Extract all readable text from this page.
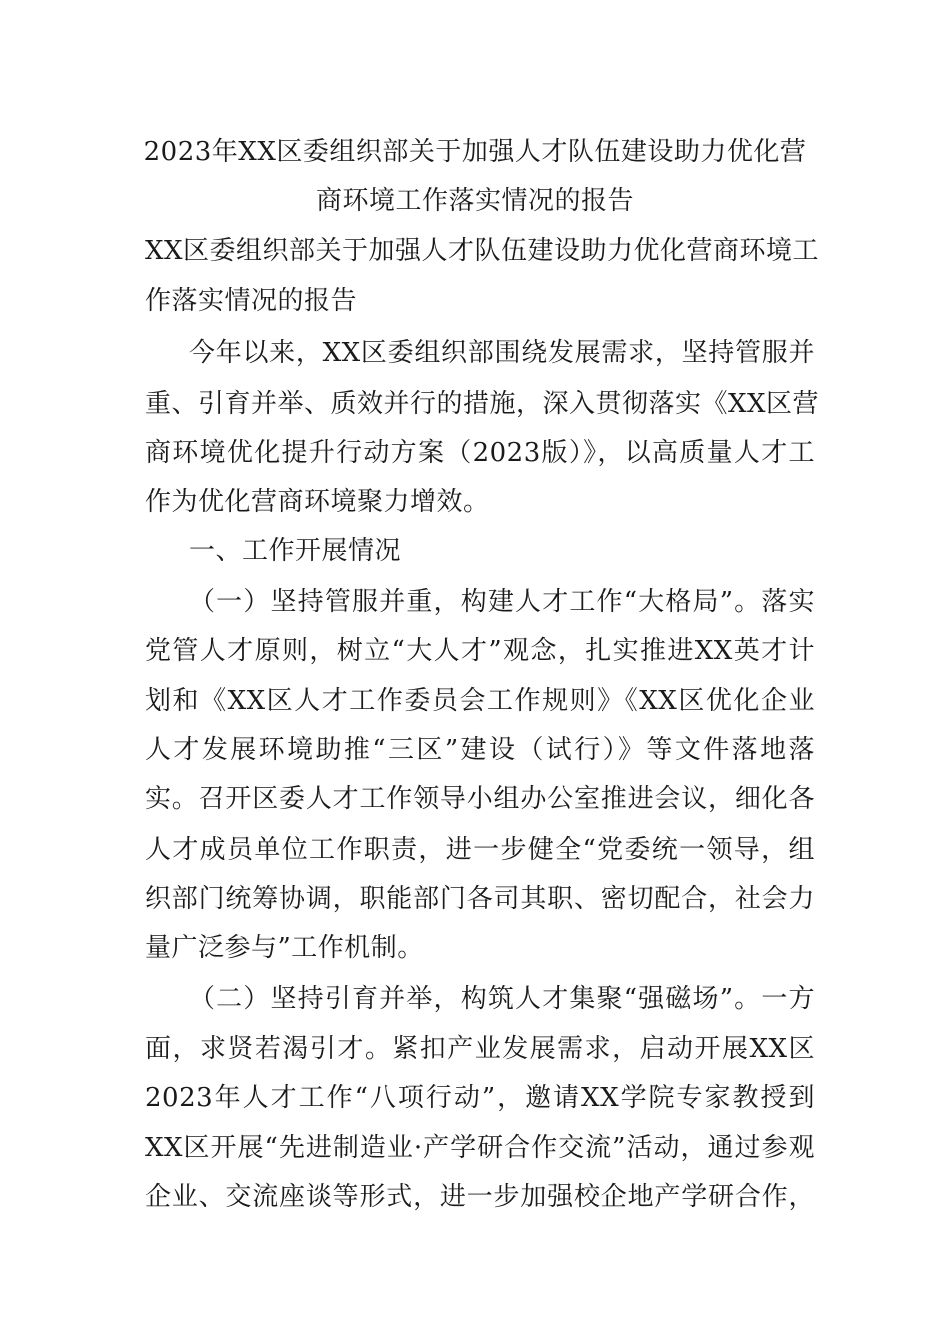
2023年XX区委组织部关于加强人才队伍建设助力优化营
商环境工作落实情况的报告
XX区委组织部关于加强人才队伍建设助力优化营商环境工
作落实情况的报告
今年以来，XX区委组织部围绕发展需求，坚持管服并
重、引育并举、质效并行的措施，深入贯彻落实《XX区营
商环境优化提升行动方案（2023版）》，以高质量人才工
作为优化营商环境聚力增效。
一、工作开展情况
（一）坚持管服并重，构建人才工作“大格局”。落实
党管人才原则，树立“大人才”观念，扎实推进XX英才计
划和《XX区人才工作委员会工作规则》《XX区优化企业
人才发展环境助推“三区”建设（试行）》等文件落地落
实。召开区委人才工作领导小组办公室推进会议，细化各
人才成员单位工作职责，进一步健全“党委统一领导，组
织部门统筹协调，职能部门各司其职、密切配合，社会力
量广泛参与”工作机制。
（二）坚持引育并举，构筑人才集聚“强磁场”。一方
面，求贤若渴引才。紧扣产业发展需求，启动开展XX区
2023年人才工作“八项行动”，邀请XX学院专家教授到
XX区开展“先进制造业·产学研合作交流”活动，通过参观
企业、交流座谈等形式，进一步加强校企地产学研合作，
